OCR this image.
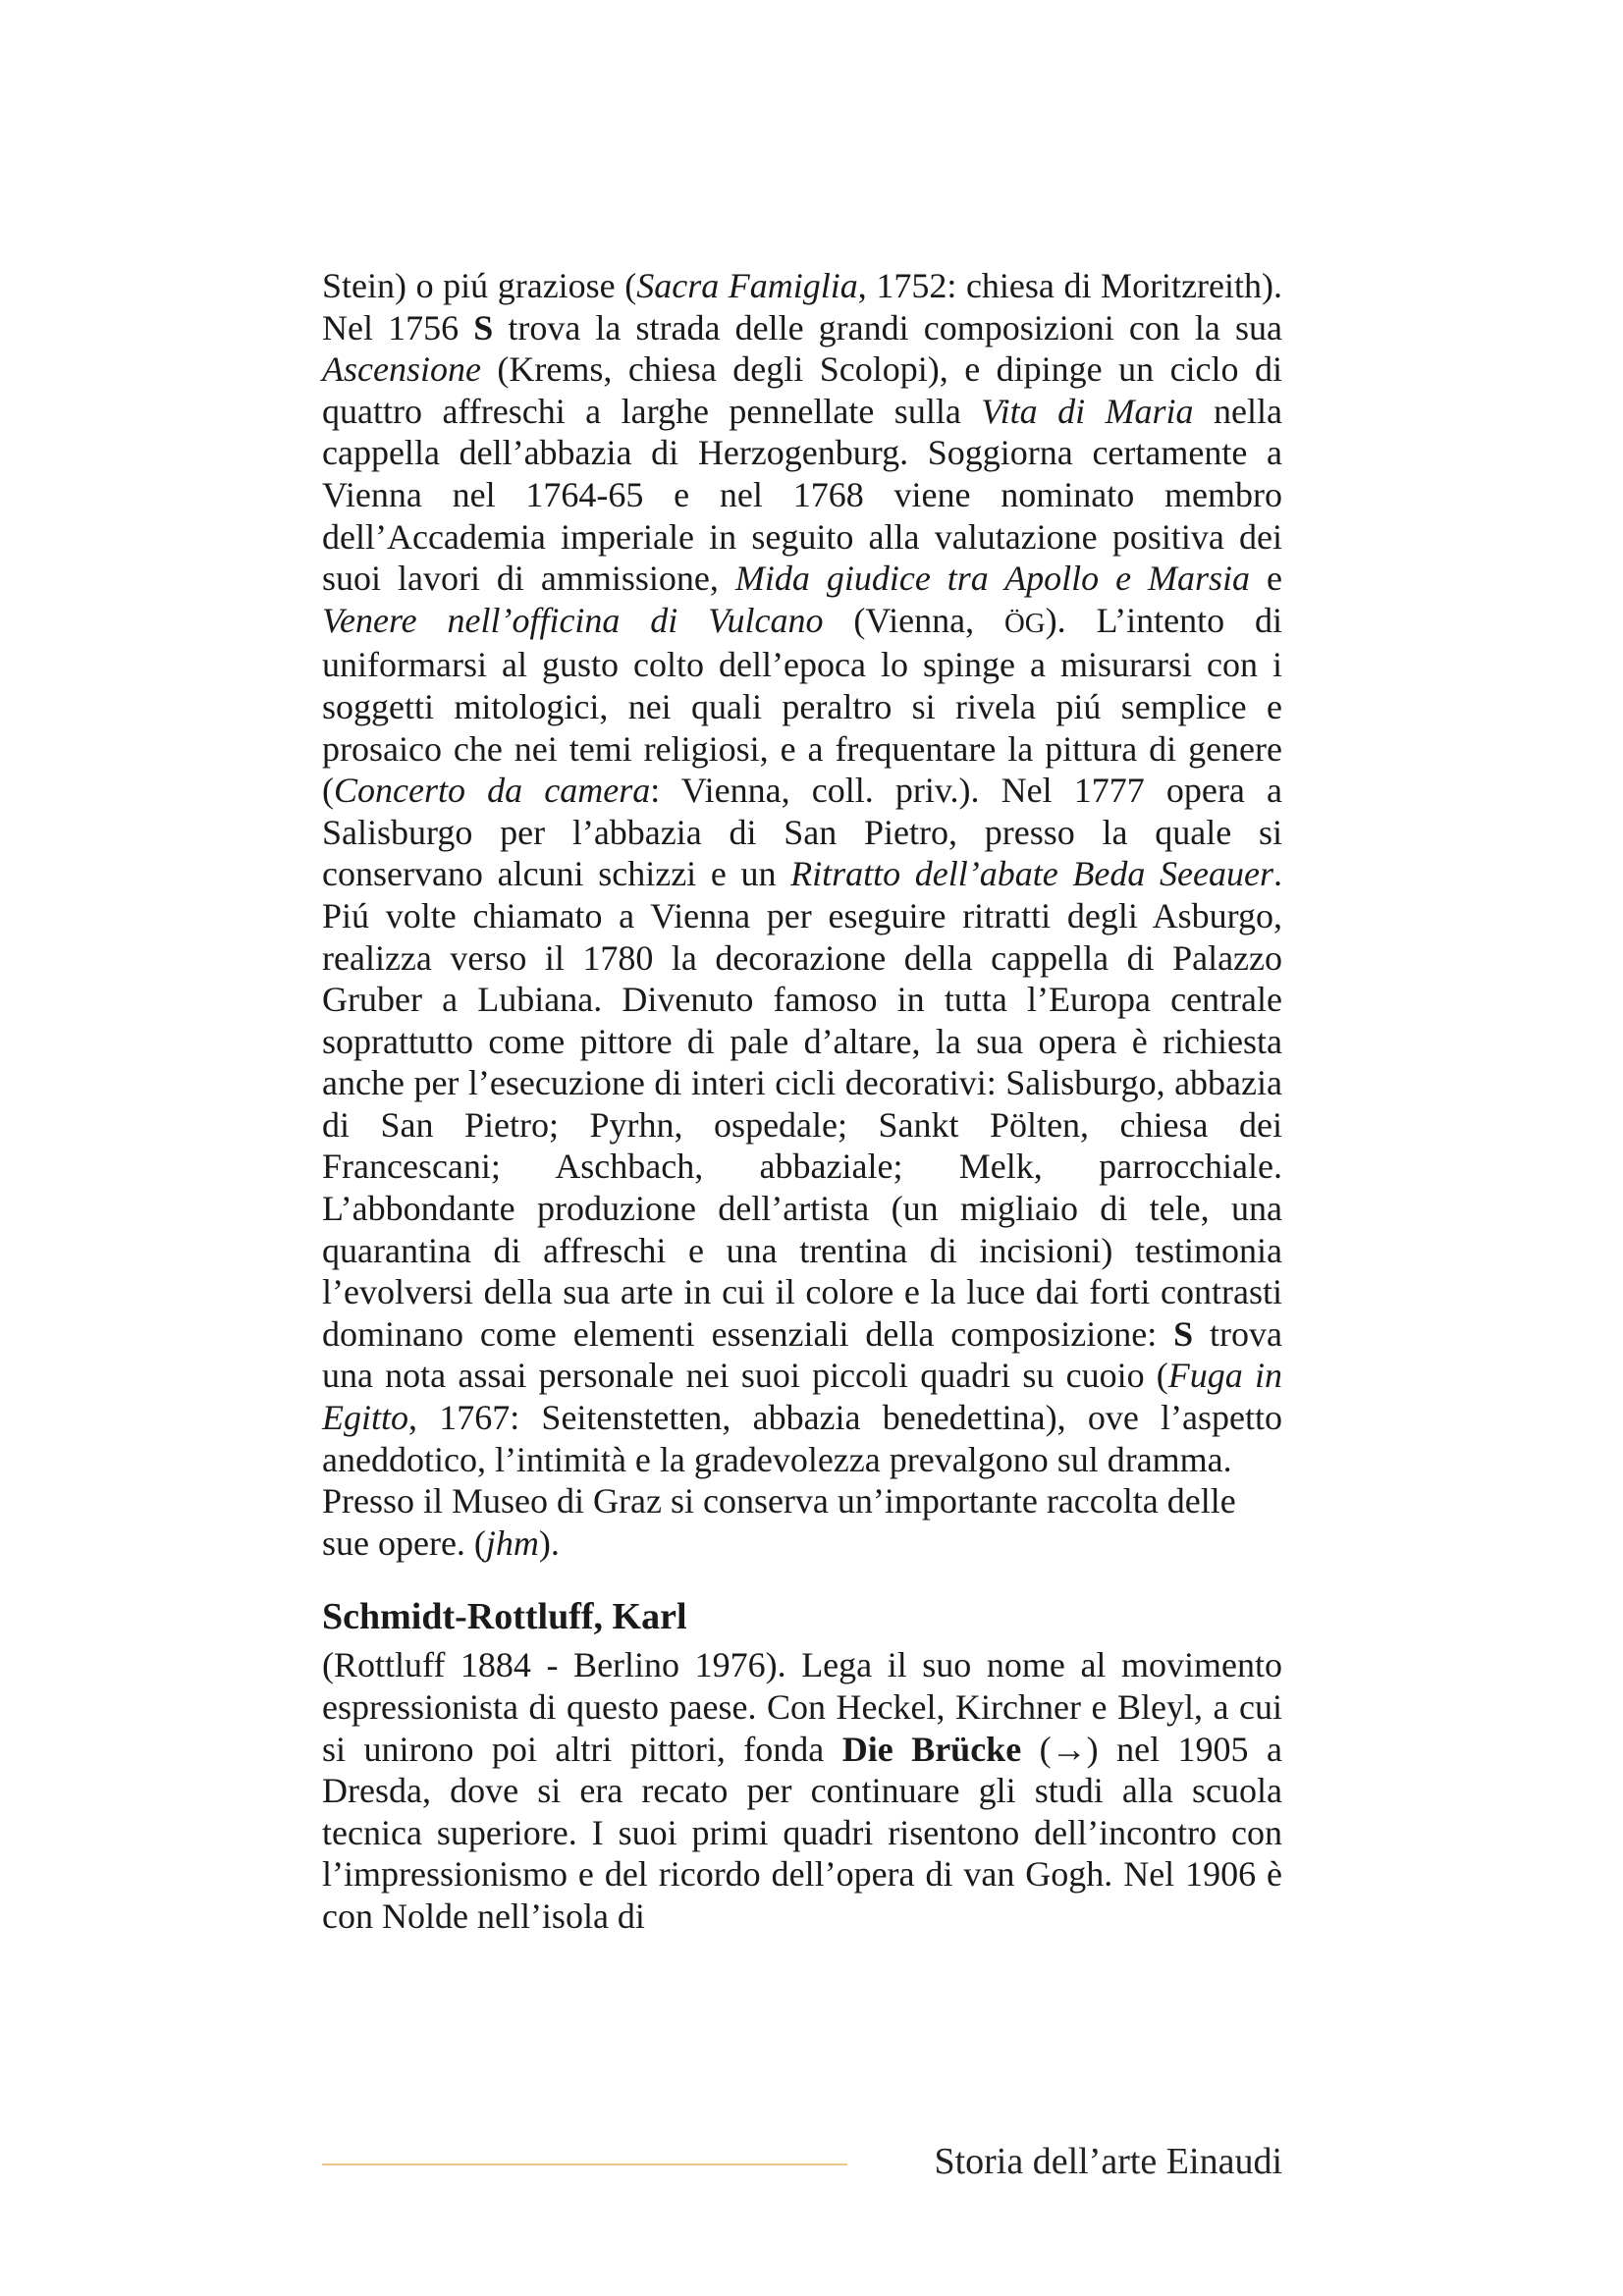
Stein) o piú graziose (Sacra Famiglia, 1752: chiesa di Moritzreith). Nel 1756 S trova la strada delle grandi composizioni con la sua Ascensione (Krems, chiesa degli Scolopi), e dipinge un ciclo di quattro affreschi a larghe pennellate sulla Vita di Maria nella cappella dell’abbazia di Herzogenburg. Soggiorna certamente a Vienna nel 1764-65 e nel 1768 viene nominato membro dell’Accademia imperiale in seguito alla valutazione positiva dei suoi lavori di ammissione, Mida giudice tra Apollo e Marsia e Venere nell’officina di Vulcano (Vienna, ÖG). L’intento di uniformarsi al gusto colto dell’epoca lo spinge a misurarsi con i soggetti mitologici, nei quali peraltro si rivela piú semplice e prosaico che nei temi religiosi, e a frequentare la pittura di genere (Concerto da camera: Vienna, coll. priv.). Nel 1777 opera a Salisburgo per l’abbazia di San Pietro, presso la quale si conservano alcuni schizzi e un Ritratto dell’abate Beda Seeauer. Piú volte chiamato a Vienna per eseguire ritratti degli Asburgo, realizza verso il 1780 la decorazione della cappella di Palazzo Gruber a Lubiana. Divenuto famoso in tutta l’Europa centrale soprattutto come pittore di pale d’altare, la sua opera è richiesta anche per l’esecuzione di interi cicli decorativi: Salisburgo, abbazia di San Pietro; Pyrhn, ospedale; Sankt Pölten, chiesa dei Francescani; Aschbach, abbaziale; Melk, parrocchiale. L’abbondante produzione dell’artista (un migliaio di tele, una quarantina di affreschi e una trentina di incisioni) testimonia l’evolversi della sua arte in cui il colore e la luce dai forti contrasti dominano come elementi essenziali della composizione: S trova una nota assai personale nei suoi piccoli quadri su cuoio (Fuga in Egitto, 1767: Seitenstetten, abbazia benedettina), ove l’aspetto aneddotico, l’intimità e la gradevolezza prevalgono sul dramma.

Presso il Museo di Graz si conserva un’importante raccolta delle sue opere. (jhm).

Schmidt-Rottluff, Karl

(Rottluff 1884 - Berlino 1976). Lega il suo nome al movimento espressionista di questo paese. Con Heckel, Kirchner e Bleyl, a cui si unirono poi altri pittori, fonda Die Brücke (→) nel 1905 a Dresda, dove si era recato per continuare gli studi alla scuola tecnica superiore. I suoi primi quadri risentono dell’incontro con l’impressionismo e del ricordo dell’opera di van Gogh. Nel 1906 è con Nolde nell’isola di

Storia dell’arte Einaudi
